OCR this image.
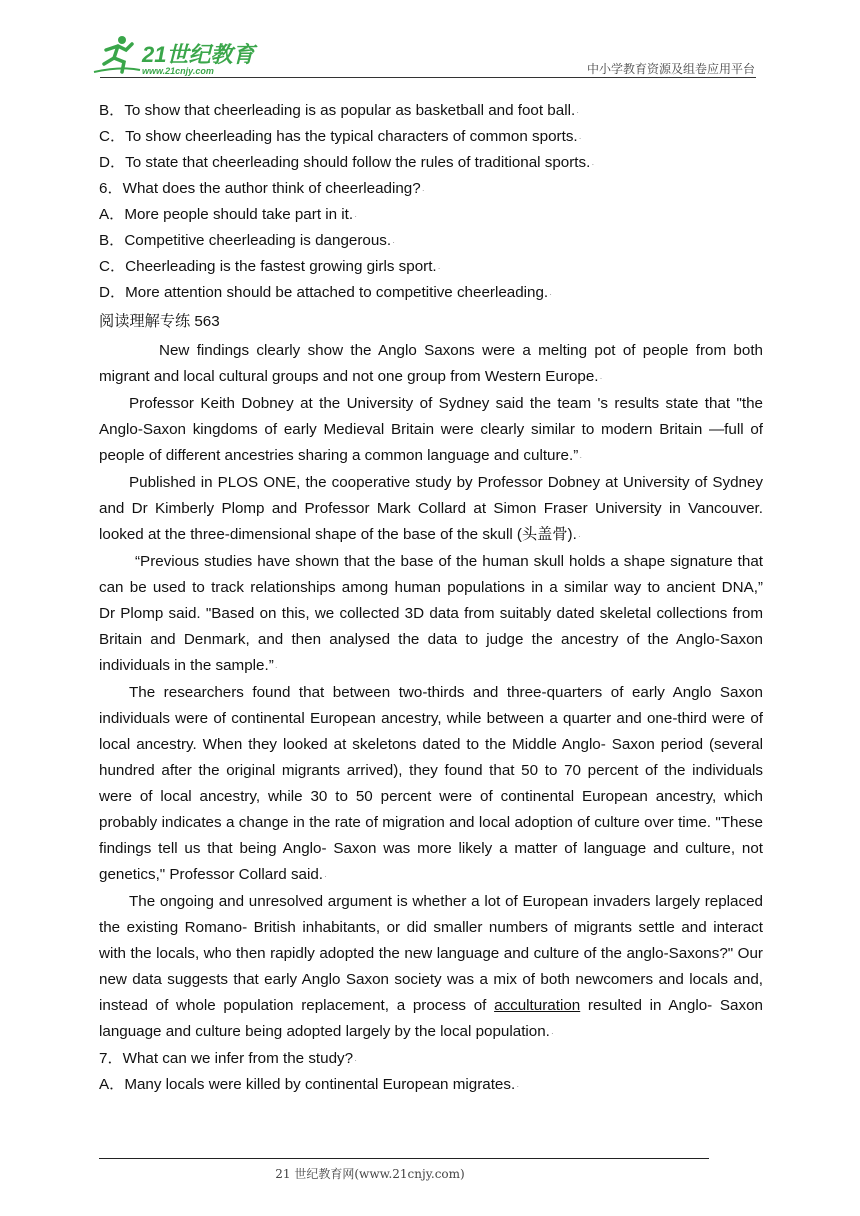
21世纪教育
www.21cnjy.com	中小学教育资源及组卷应用平台
B．To show that cheerleading is as popular as basketball and foot ball.·
C．To show cheerleading has the typical characters of common sports.·
D．To state that cheerleading should follow the rules of traditional sports.·
6．What does the author think of cheerleading?·
A．More people should take part in it.·
B．Competitive cheerleading is dangerous.·
C．Cheerleading is the fastest growing girls sport.·
D．More attention should be attached to competitive cheerleading.·
阅读理解专练 563
New findings clearly show the Anglo Saxons were a melting pot of people from both migrant and local cultural groups and not one group from Western Europe.·
Professor Keith Dobney at the University of Sydney said the team 's results state that "the Anglo-Saxon kingdoms of early Medieval Britain were clearly similar to modern Britain —full of people of different ancestries sharing a common language and culture.”·
Published in PLOS ONE, the cooperative study by Professor Dobney at University of Sydney and Dr Kimberly Plomp and Professor Mark Collard at Simon Fraser University in Vancouver. looked at the three-dimensional shape of the base of the skull (头盖骨).·
“Previous studies have shown that the base of the human skull holds a shape signature that can be used to track relationships among human populations in a similar way to ancient DNA,”　Dr Plomp said. "Based on this, we collected 3D data from suitably dated skeletal collections from Britain and Denmark, and then analysed the data to judge the ancestry of the Anglo-Saxon individuals in the sample.”·
The researchers found that between two-thirds and three-quarters of early Anglo Saxon individuals were of continental European ancestry, while between a quarter and one-third were of local ancestry. When they looked at skeletons dated to the Middle Anglo- Saxon period (several hundred after the original migrants arrived), they found that 50 to 70 percent of the individuals were of local ancestry, while 30 to 50 percent were of continental European ancestry, which probably indicates a change in the rate of migration and local adoption of culture over time. "These findings tell us that being Anglo- Saxon was more likely a matter of language and culture, not genetics," Professor Collard said.·
The ongoing and unresolved argument is whether a lot of European invaders largely replaced the existing Romano- British inhabitants, or did smaller numbers of migrants settle and interact with the locals, who then rapidly adopted the new language and culture of the anglo-Saxons?" Our new data suggests that early Anglo Saxon society was a mix of both newcomers and locals and, instead of whole population replacement, a process of acculturation resulted in Anglo- Saxon language and culture being adopted largely by the local population.·
7．What can we infer from the study?·
A．Many locals were killed by continental European migrates.·
21 世纪教育网(www.21cnjy.com)
